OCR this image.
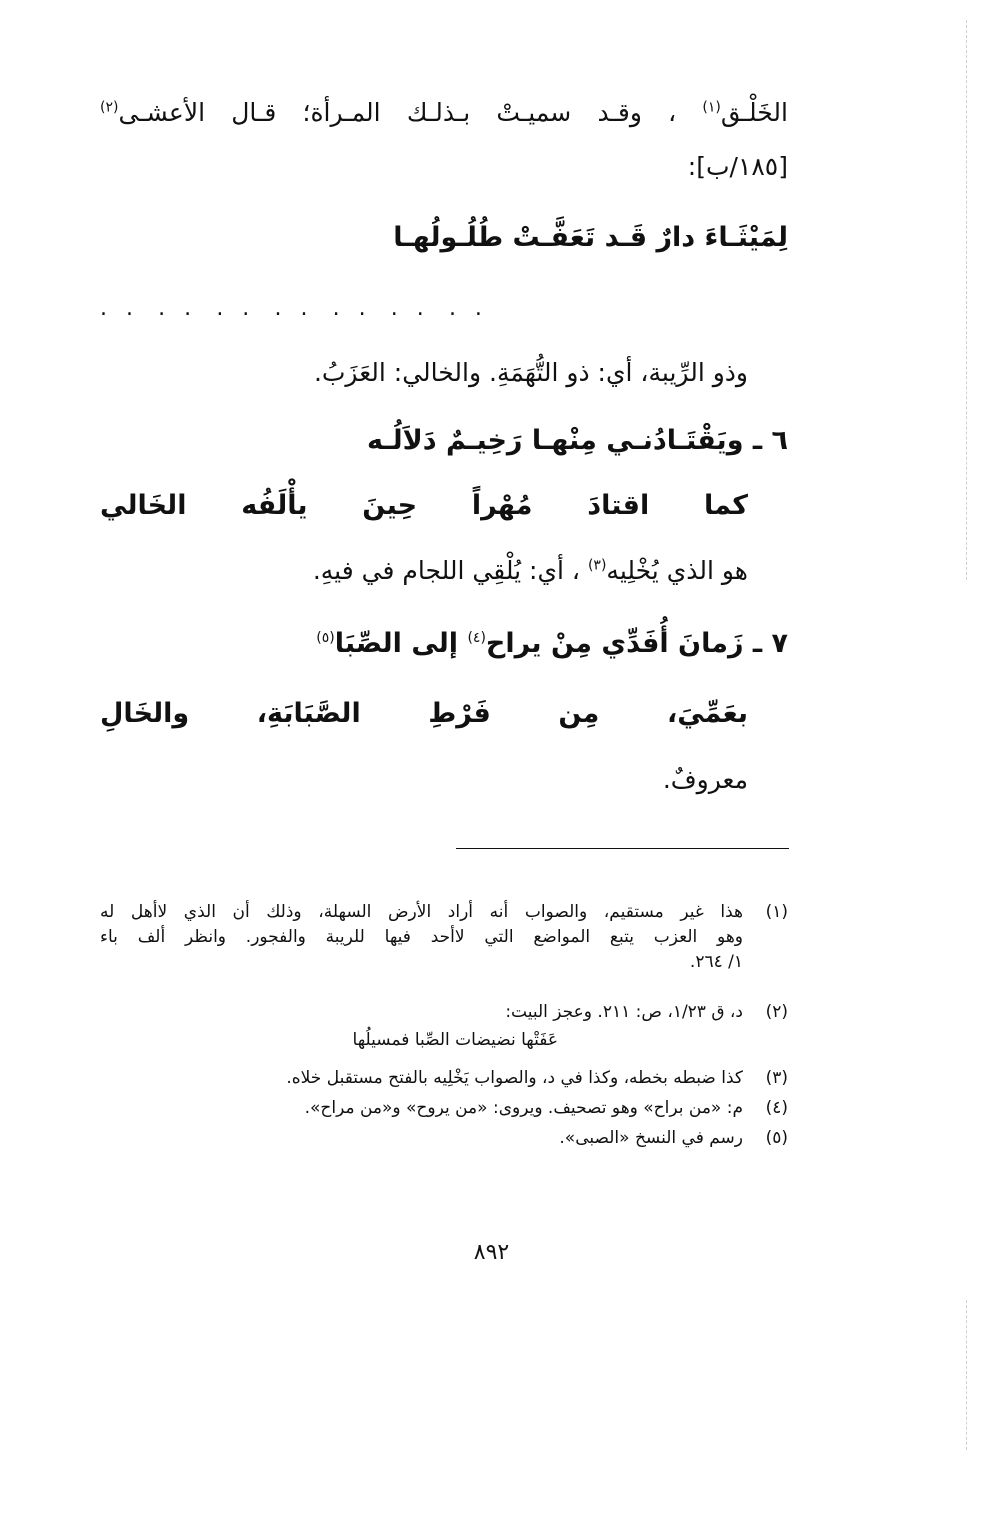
الخَلْـق$^{(١)}$ ، وقـد سميـتْ بـذلـك المـرأة؛ قـال الأعشـى$^{(٢)}$
[١٨٥/ب]:
لِمَيْثَـاءَ دارٌ قَـد تَعَفَّـتْ طُلُـولُهـا
. . . . . . . . . . . . . .
وذو الرِّيبة، أي: ذو التُّهَمَةِ. والخالي: العَزَبُ.
٦ ـ ويَقْتَـادُنـي مِنْهـا رَخِيـمٌ دَلاَلُـه
كما اقتادَ مُهْراً حِينَ يأْلَفُه الخَالي
هو الذي يُخْلِيه$^{(٣)}$ ، أي: يُلْقِي اللجام في فيهِ.
٧ ـ زَمانَ أُفَدِّي مِنْ يراح$^{(٤)}$ إلى الصِّبَا$^{(٥)}$
بعَمِّيَ، مِن فَرْطِ الصَّبَابَةِ، والخَالِ
معروفٌ.
(١)
هذا غير مستقيم، والصواب أنه أراد الأرض السهلة، وذلك أن الذي لاأهل له
وهو العزب يتبع المواضع التي لاأحد فيها للريبة والفجور. وانظر ألف باء
١/ ٢٦٤.
(٢)
د، ق ١/٢٣، ص: ٢١١. وعجز البيت:
عَفَتْها نضيضات الصِّبا فمسيلُها
(٣)
كذا ضبطه بخطه، وكذا في د، والصواب يَخْلِيه بالفتح مستقبل خلاه.
(٤)
م: «من براح» وهو تصحيف. ويروى: «من يروح» و«من مراح».
(٥)
رسم في النسخ «الصبى».
٨٩٢
